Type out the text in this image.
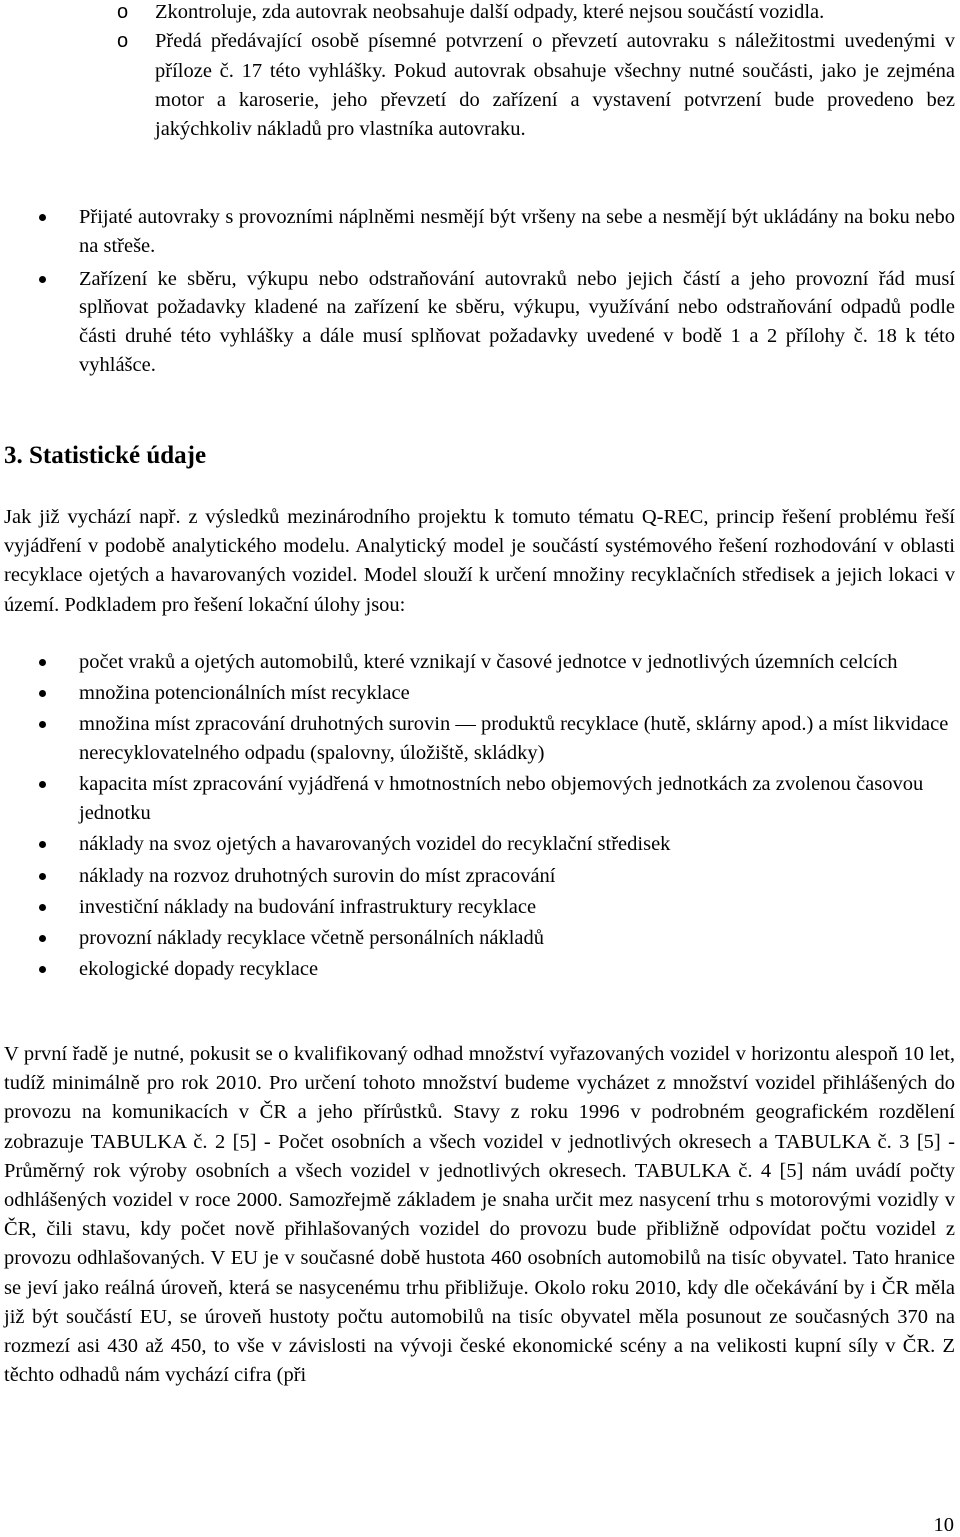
o Zkontroluje, zda autovrak neobsahuje další odpady, které nejsou součástí vozidla.
o Předá předávající osobě písemné potvrzení o převzetí autovraku s náležitostmi uvedenými v příloze č. 17 této vyhlášky. Pokud autovrak obsahuje všechny nutné součásti, jako je zejména motor a karoserie, jeho převzetí do zařízení a vystavení potvrzení bude provedeno bez jakýchkoliv nákladů pro vlastníka autovraku.
Přijaté autovraky s provozními náplněmi nesmějí být vršeny na sebe a nesmějí být ukládány na boku nebo na střeše.
Zařízení ke sběru, výkupu nebo odstraňování autovraků nebo jejich částí a jeho provozní řád musí splňovat požadavky kladené na zařízení ke sběru, výkupu, využívání nebo odstraňování odpadů podle části druhé této vyhlášky a dále musí splňovat požadavky uvedené v bodě 1 a 2 přílohy č. 18 k této vyhlášce.
3. Statistické údaje

Jak již vychází např. z výsledků mezinárodního projektu k tomuto tématu Q-REC, princip řešení problému řeší vyjádření v podobě analytického modelu. Analytický model je součástí systémového řešení rozhodování v oblasti recyklace ojetých a havarovaných vozidel. Model slouží k určení množiny recyklačních středisek a jejich lokaci v území. Podkladem pro řešení lokační úlohy jsou:

počet vraků a ojetých automobilů, které vznikají v časové jednotce v jednotlivých územních celcích
množina potencionálních míst recyklace
množina míst zpracování druhotných surovin — produktů recyklace (hutě, sklárny apod.) a míst likvidace nerecyklovatelného odpadu (spalovny, úložiště, skládky)
kapacita míst zpracování vyjádřená v hmotnostních nebo objemových jednotkách za zvolenou časovou jednotku
náklady na svoz ojetých a havarovaných vozidel do recyklační středisek
náklady na rozvoz druhotných surovin do míst zpracování
investiční náklady na budování infrastruktury recyklace
provozní náklady recyklace včetně personálních nákladů
ekologické dopady recyklace

V první řadě je nutné, pokusit se o kvalifikovaný odhad množství vyřazovaných vozidel v horizontu alespoň 10 let, tudíž minimálně pro rok 2010. Pro určení tohoto množství budeme vycházet z množství vozidel přihlášených do provozu na komunikacích v ČR a jeho přírůstků. Stavy z roku 1996 v podrobném geografickém rozdělení zobrazuje TABULKA č. 2 [5] - Počet osobních a všech vozidel v jednotlivých okresech a TABULKA č. 3 [5] - Průměrný rok výroby osobních a všech vozidel v jednotlivých okresech. TABULKA č. 4 [5] nám uvádí počty odhlášených vozidel v roce 2000. Samozřejmě základem je snaha určit mez nasycení trhu s motorovými vozidly v ČR, čili stavu, kdy počet nově přihlašovaných vozidel do provozu bude přibližně odpovídat počtu vozidel z provozu odhlašovaných. V EU je v současné době hustota 460 osobních automobilů na tisíc obyvatel. Tato hranice se jeví jako reálná úroveň, která se nasycenému trhu přibližuje. Okolo roku 2010, kdy dle očekávání by i ČR měla již být součástí EU, se úroveň hustoty počtu automobilů na tisíc obyvatel měla posunout ze současných 370 na rozmezí asi 430 až 450, to vše v závislosti na vývoji české ekonomické scény a na velikosti kupní síly v ČR. Z těchto odhadů nám vychází cifra (při

10
